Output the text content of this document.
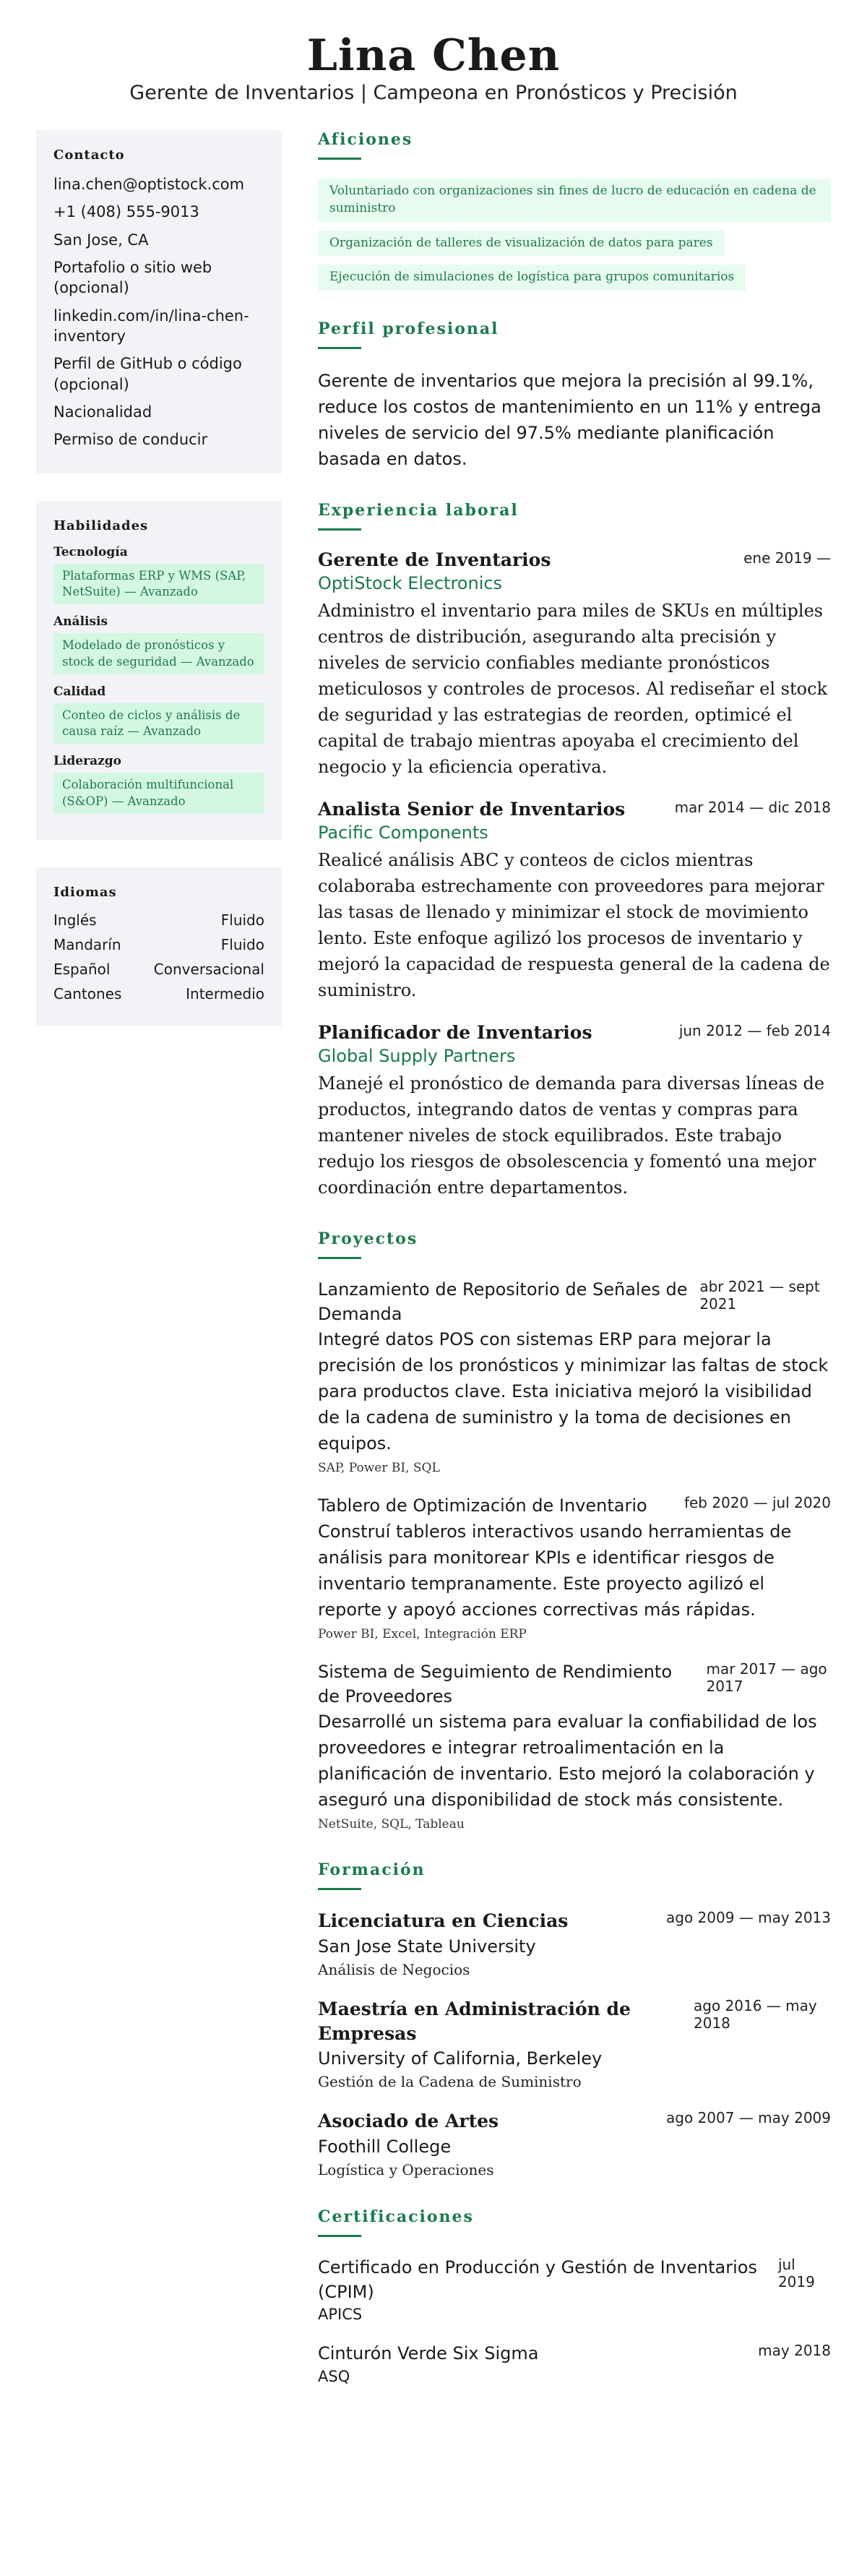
Lina Chen
Gerente de Inventarios | Campeona en Pronósticos y Precisión
Contacto
lina.chen@optistock.com
+1 (408) 555-9013
San Jose, CA
Portafolio o sitio web (opcional)
linkedin.com/in/lina-chen-inventory
Perfil de GitHub o código (opcional)
Nacionalidad
Permiso de conducir
Habilidades
Tecnología
Plataformas ERP y WMS (SAP, NetSuite) — Avanzado
Análisis
Modelado de pronósticos y stock de seguridad — Avanzado
Calidad
Conteo de ciclos y análisis de causa raíz — Avanzado
Liderazgo
Colaboración multifuncional (S&OP) — Avanzado
Idiomas
Inglés	Fluido
Mandarín	Fluido
Español	Conversacional
Cantones	Intermedio
Aficiones
Voluntariado con organizaciones sin fines de lucro de educación en cadena de suministro
Organización de talleres de visualización de datos para pares
Ejecución de simulaciones de logística para grupos comunitarios
Perfil profesional
Gerente de inventarios que mejora la precisión al 99.1%, reduce los costos de mantenimiento en un 11% y entrega niveles de servicio del 97.5% mediante planificación basada en datos.
Experiencia laboral
Gerente de Inventarios	ene 2019 —
OptiStock Electronics
Administro el inventario para miles de SKUs en múltiples centros de distribución, asegurando alta precisión y niveles de servicio confiables mediante pronósticos meticulosos y controles de procesos. Al rediseñar el stock de seguridad y las estrategias de reorden, optimicé el capital de trabajo mientras apoyaba el crecimiento del negocio y la eficiencia operativa.
Analista Senior de Inventarios	mar 2014 — dic 2018
Pacific Components
Realicé análisis ABC y conteos de ciclos mientras colaboraba estrechamente con proveedores para mejorar las tasas de llenado y minimizar el stock de movimiento lento. Este enfoque agilizó los procesos de inventario y mejoró la capacidad de respuesta general de la cadena de suministro.
Planificador de Inventarios	jun 2012 — feb 2014
Global Supply Partners
Manejé el pronóstico de demanda para diversas líneas de productos, integrando datos de ventas y compras para mantener niveles de stock equilibrados. Este trabajo redujo los riesgos de obsolescencia y fomentó una mejor coordinación entre departamentos.
Proyectos
Lanzamiento de Repositorio de Señales de Demanda
abr 2021 — sept 2021
Integré datos POS con sistemas ERP para mejorar la precisión de los pronósticos y minimizar las faltas de stock para productos clave. Esta iniciativa mejoró la visibilidad de la cadena de suministro y la toma de decisiones en equipos.
SAP, Power BI, SQL
Tablero de Optimización de Inventario	feb 2020 — jul 2020
Construí tableros interactivos usando herramientas de análisis para monitorear KPIs e identificar riesgos de inventario tempranamente. Este proyecto agilizó el reporte y apoyó acciones correctivas más rápidas.
Power BI, Excel, Integración ERP
Sistema de Seguimiento de Rendimiento de Proveedores
mar 2017 — ago 2017
Desarrollé un sistema para evaluar la confiabilidad de los proveedores e integrar retroalimentación en la planificación de inventario. Esto mejoró la colaboración y aseguró una disponibilidad de stock más consistente.
NetSuite, SQL, Tableau
Formación
Licenciatura en Ciencias	ago 2009 — may 2013
San Jose State University
Análisis de Negocios
Maestría en Administración de Empresas
ago 2016 — may 2018
University of California, Berkeley
Gestión de la Cadena de Suministro
Asociado de Artes	ago 2007 — may 2009
Foothill College
Logística y Operaciones
Certificaciones
Certificado en Producción y Gestión de Inventarios (CPIM)
jul 2019
APICS
Cinturón Verde Six Sigma	may 2018
ASQ
